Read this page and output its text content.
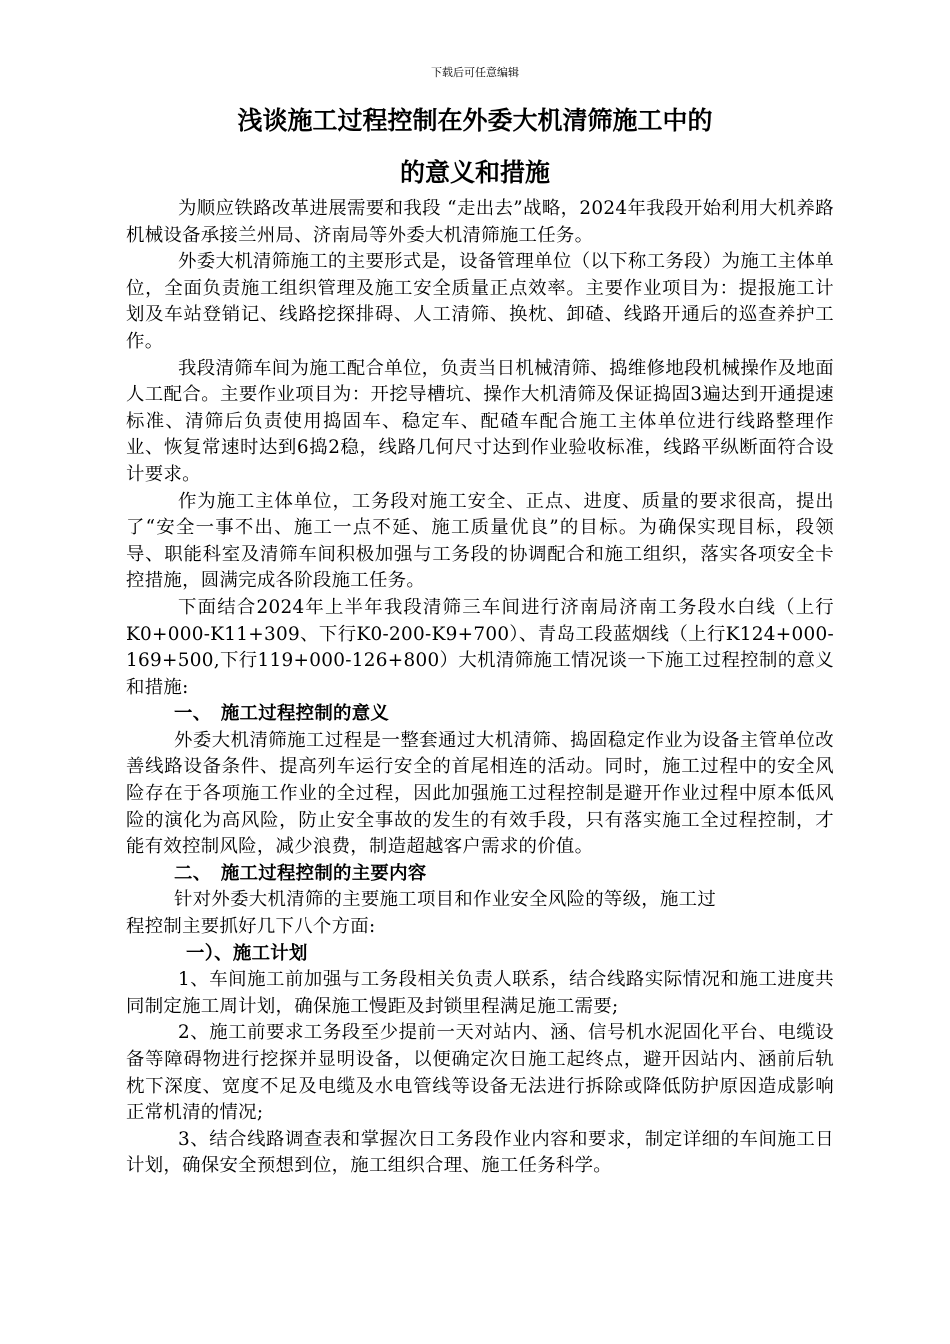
下载后可任意编辑
浅谈施工过程控制在外委大机清筛施工中的
的意义和措施

为顺应铁路改革进展需要和我段 “走出去”战略，2024年我段开始利用大机养路机械设备承接兰州局、济南局等外委大机清筛施工任务。

外委大机清筛施工的主要形式是，设备管理单位（以下称工务段）为施工主体单位，全面负责施工组织管理及施工安全质量正点效率。主要作业项目为：提报施工计划及车站登销记、线路挖探排碍、人工清筛、换枕、卸碴、线路开通后的巡查养护工作。

我段清筛车间为施工配合单位，负责当日机械清筛、捣维修地段机械操作及地面人工配合。主要作业项目为：开挖导槽坑、操作大机清筛及保证捣固3遍达到开通提速标准、清筛后负责使用捣固车、稳定车、配碴车配合施工主体单位进行线路整理作业、恢复常速时达到6捣2稳，线路几何尺寸达到作业验收标准，线路平纵断面符合设计要求。

作为施工主体单位，工务段对施工安全、正点、进度、质量的要求很高，提出了“安全一事不出、施工一点不延、施工质量优良”的目标。为确保实现目标，段领导、职能科室及清筛车间积极加强与工务段的协调配合和施工组织，落实各项安全卡控措施，圆满完成各阶段施工任务。

下面结合2024年上半年我段清筛三车间进行济南局济南工务段水白线（上行K0+000-K11+309、下行K0-200-K9+700）、青岛工段蓝烟线（上行K124+000-169+500,下行119+000-126+800）大机清筛施工情况谈一下施工过程控制的意义和措施:

一、　施工过程控制的意义

外委大机清筛施工过程是一整套通过大机清筛、捣固稳定作业为设备主管单位改善线路设备条件、提高列车运行安全的首尾相连的活动。同时，施工过程中的安全风险存在于各项施工作业的全过程，因此加强施工过程控制是避开作业过程中原本低风险的演化为高风险，防止安全事故的发生的有效手段，只有落实施工全过程控制，才能有效控制风险，减少浪费，制造超越客户需求的价值。

二、　施工过程控制的主要内容

针对外委大机清筛的主要施工项目和作业安全风险的等级，施工过

程控制主要抓好几下八个方面:

一）、施工计划

1、车间施工前加强与工务段相关负责人联系，结合线路实际情况和施工进度共同制定施工周计划，确保施工慢距及封锁里程满足施工需要;

2、施工前要求工务段至少提前一天对站内、涵、信号机水泥固化平台、电缆设备等障碍物进行挖探并显明设备，以便确定次日施工起终点，避开因站内、涵前后轨枕下深度、宽度不足及电缆及水电管线等设备无法进行拆除或降低防护原因造成影响正常机清的情况;

3、结合线路调查表和掌握次日工务段作业内容和要求，制定详细的车间施工日计划，确保安全预想到位，施工组织合理、施工任务科学。
